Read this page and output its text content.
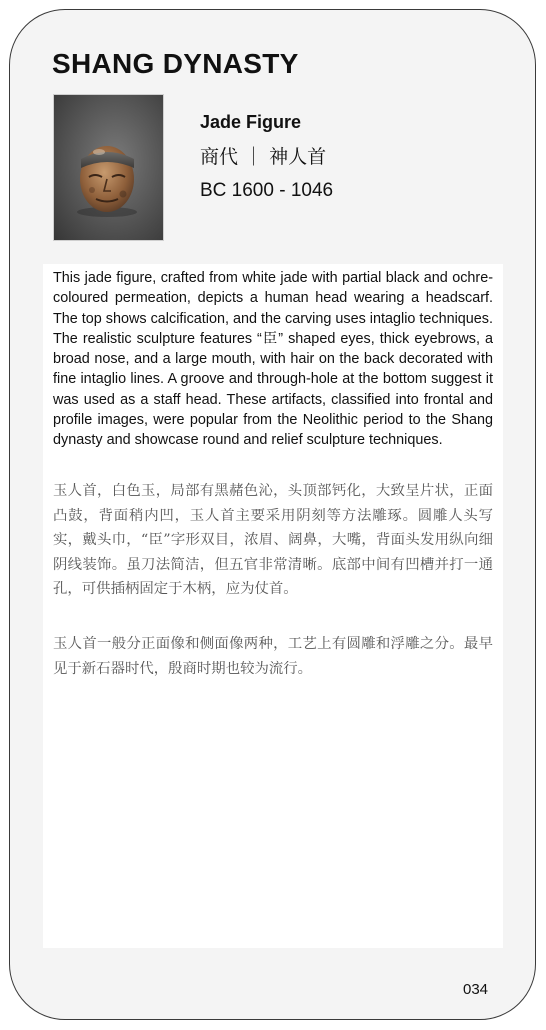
SHANG DYNASTY
Jade Figure
商代 ｜ 神人首
BC 1600 - 1046

This jade figure, crafted from white jade with partial black and ochre-coloured permeation, depicts a human head wearing a headscarf. The top shows calcification, and the carving uses intaglio techniques. The realistic sculpture features “臣” shaped eyes, thick eyebrows, a broad nose, and a large mouth, with hair on the back decorated with fine intaglio lines. A groove and through-hole at the bottom suggest it was used as a staff head. These artifacts, classified into frontal and profile images, were popular from the Neolithic period to the Shang dynasty and showcase round and relief sculpture techniques.

玉人首，白色玉，局部有黑赭色沁，头顶部钙化，大致呈片状，正面凸鼓，背面稍内凹，玉人首主要采用阴刻等方法雕琢。圆雕人头写实，戴头巾，“臣”字形双目，浓眉、阔鼻，大嘴，背面头发用纵向细阴线装饰。虽刀法简洁，但五官非常清晰。底部中间有凹槽并打一通孔，可供插柄固定于木柄，应为仗首。

玉人首一般分正面像和侧面像两种，工艺上有圆雕和浮雕之分。最早见于新石器时代，殷商时期也较为流行。

034
